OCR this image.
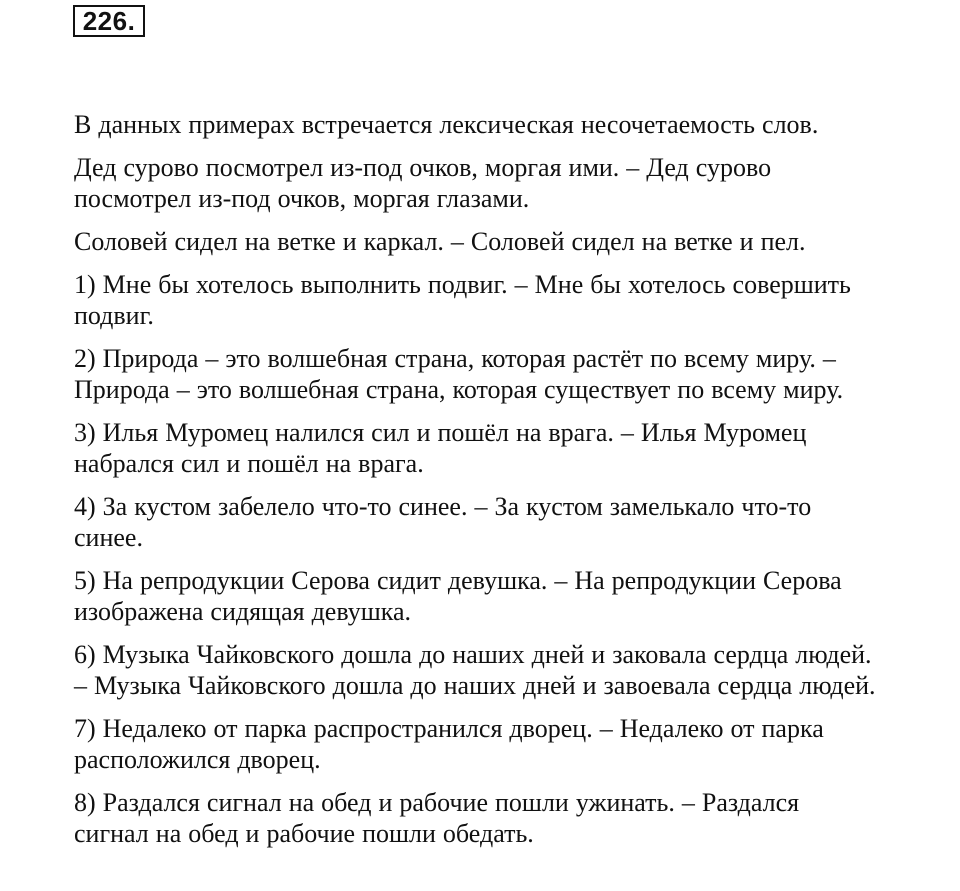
226.

В данных примерах встречается лексическая несочетаемость слов.

Дед сурово посмотрел из-под очков, моргая ими. – Дед сурово
посмотрел из-под очков, моргая глазами.

Соловей сидел на ветке и каркал. – Соловей сидел на ветке и пел.

1) Мне бы хотелось выполнить подвиг. – Мне бы хотелось совершить
подвиг.

2) Природа – это волшебная страна, которая растёт по всему миру. –
Природа – это волшебная страна, которая существует по всему миру.

3) Илья Муромец налился сил и пошёл на врага. – Илья Муромец
набрался сил и пошёл на врага.

4) За кустом забелело что-то синее. – За кустом замелькало что-то
синее.

5) На репродукции Серова сидит девушка. – На репродукции Серова
изображена сидящая девушка.

6) Музыка Чайковского дошла до наших дней и заковала сердца людей.
– Музыка Чайковского дошла до наших дней и завоевала сердца людей.

7) Недалеко от парка распространился дворец. – Недалеко от парка
расположился дворец.

8) Раздался сигнал на обед и рабочие пошли ужинать. – Раздался
сигнал на обед и рабочие пошли обедать.
